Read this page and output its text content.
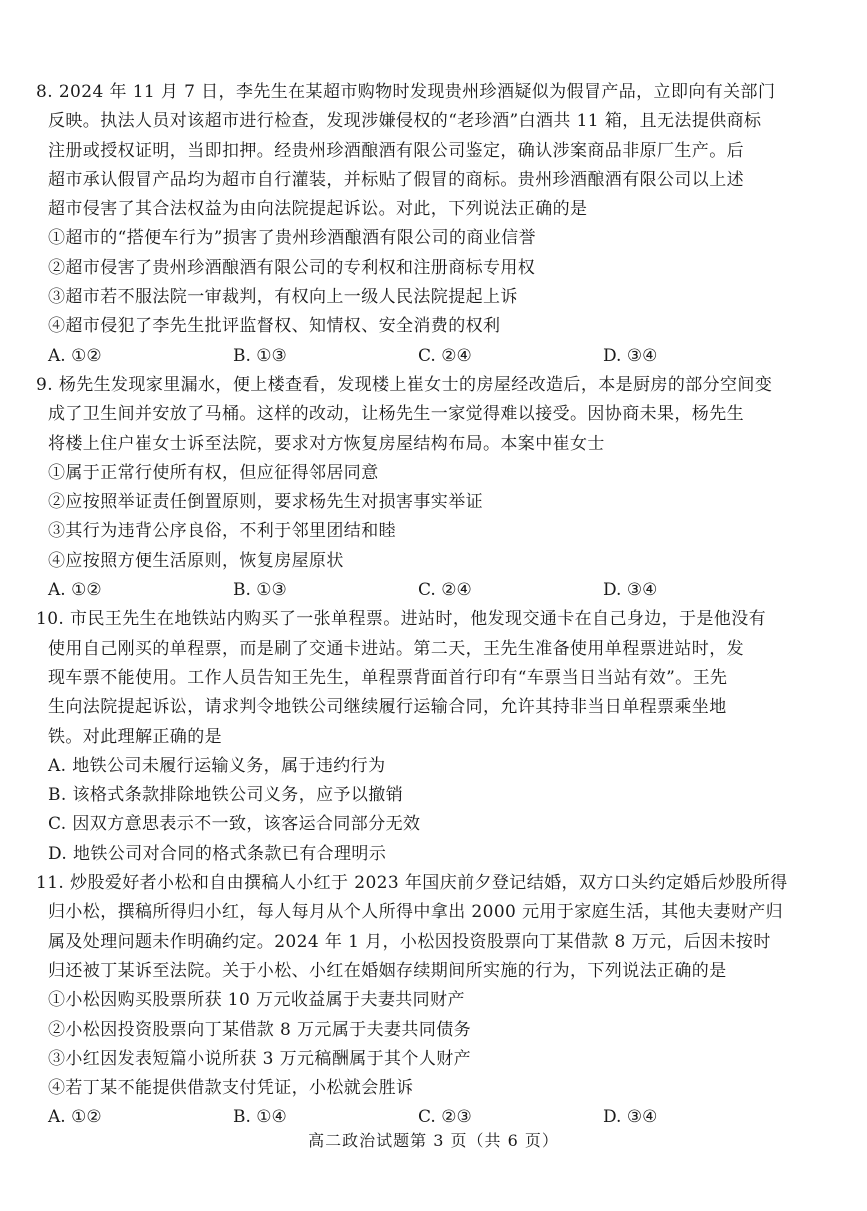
8. 2024 年 11 月 7 日，李先生在某超市购物时发现贵州珍酒疑似为假冒产品，立即向有关部门
反映。执法人员对该超市进行检查，发现涉嫌侵权的“老珍酒”白酒共 11 箱，且无法提供商标
注册或授权证明，当即扣押。经贵州珍酒酿酒有限公司鉴定，确认涉案商品非原厂生产。后
超市承认假冒产品均为超市自行灌装，并标贴了假冒的商标。贵州珍酒酿酒有限公司以上述
超市侵害了其合法权益为由向法院提起诉讼。对此，下列说法正确的是
①超市的“搭便车行为”损害了贵州珍酒酿酒有限公司的商业信誉
②超市侵害了贵州珍酒酿酒有限公司的专利权和注册商标专用权
③超市若不服法院一审裁判，有权向上一级人民法院提起上诉
④超市侵犯了李先生批评监督权、知情权、安全消费的权利
A. ①②	B. ①③	C. ②④	D. ③④
9. 杨先生发现家里漏水，便上楼查看，发现楼上崔女士的房屋经改造后，本是厨房的部分空间变
成了卫生间并安放了马桶。这样的改动，让杨先生一家觉得难以接受。因协商未果，杨先生
将楼上住户崔女士诉至法院，要求对方恢复房屋结构布局。本案中崔女士
①属于正常行使所有权，但应征得邻居同意
②应按照举证责任倒置原则，要求杨先生对损害事实举证
③其行为违背公序良俗，不利于邻里团结和睦
④应按照方便生活原则，恢复房屋原状
A. ①②	B. ①③	C. ②④	D. ③④
10. 市民王先生在地铁站内购买了一张单程票。进站时，他发现交通卡在自己身边，于是他没有
使用自己刚买的单程票，而是刷了交通卡进站。第二天，王先生准备使用单程票进站时，发
现车票不能使用。工作人员告知王先生，单程票背面首行印有“车票当日当站有效”。王先
生向法院提起诉讼，请求判令地铁公司继续履行运输合同，允许其持非当日单程票乘坐地
铁。对此理解正确的是
A. 地铁公司未履行运输义务，属于违约行为
B. 该格式条款排除地铁公司义务，应予以撤销
C. 因双方意思表示不一致，该客运合同部分无效
D. 地铁公司对合同的格式条款已有合理明示
11. 炒股爱好者小松和自由撰稿人小红于 2023 年国庆前夕登记结婚，双方口头约定婚后炒股所得
归小松，撰稿所得归小红，每人每月从个人所得中拿出 2000 元用于家庭生活，其他夫妻财产归
属及处理问题未作明确约定。2024 年 1 月，小松因投资股票向丁某借款 8 万元，后因未按时
归还被丁某诉至法院。关于小松、小红在婚姻存续期间所实施的行为，下列说法正确的是
①小松因购买股票所获 10 万元收益属于夫妻共同财产
②小松因投资股票向丁某借款 8 万元属于夫妻共同债务
③小红因发表短篇小说所获 3 万元稿酬属于其个人财产
④若丁某不能提供借款支付凭证，小松就会胜诉
A. ①②	B. ①④	C. ②③	D. ③④
高二政治试题第 3 页（共 6 页）
